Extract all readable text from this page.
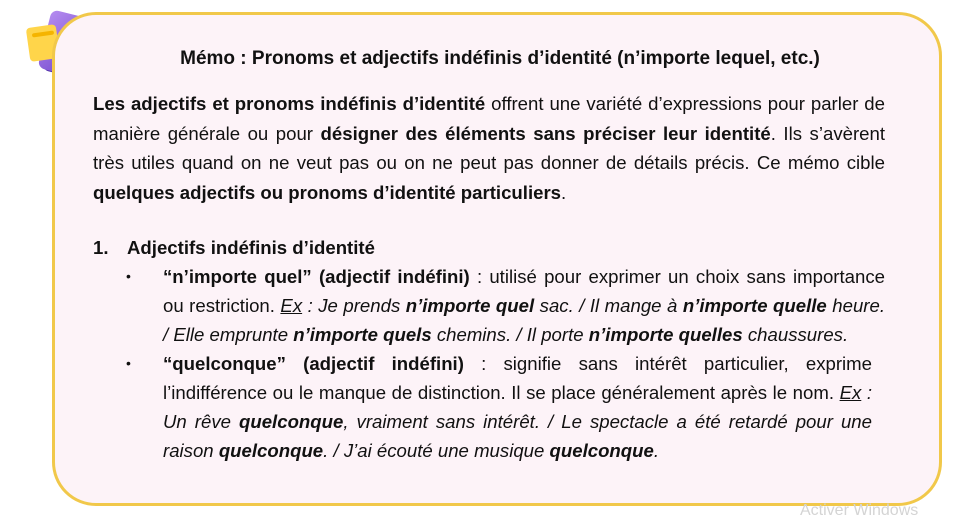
Mémo : Pronoms et adjectifs indéfinis d’identité (n’importe lequel, etc.)

Les adjectifs et pronoms indéfinis d’identité offrent une variété d’expressions pour parler de manière générale ou pour désigner des éléments sans préciser leur identité. Ils s’avèrent très utiles quand on ne veut pas ou on ne peut pas donner de détails précis. Ce mémo cible quelques adjectifs ou pronoms d’identité particuliers.

1. Adjectifs indéfinis d’identité
• “n’importe quel” (adjectif indéfini) : utilisé pour exprimer un choix sans importance ou restriction. Ex : Je prends n’importe quel sac. / Il mange à n’importe quelle heure. / Elle emprunte n’importe quels chemins. / Il porte n’importe quelles chaussures.
• “quelconque” (adjectif indéfini) : signifie sans intérêt particulier, exprime l’indifférence ou le manque de distinction. Il se place généralement après le nom. Ex : Un rêve quelconque, vraiment sans intérêt. / Le spectacle a été retardé pour une raison quelconque. / J’ai écouté une musique quelconque.
Activer Windows
